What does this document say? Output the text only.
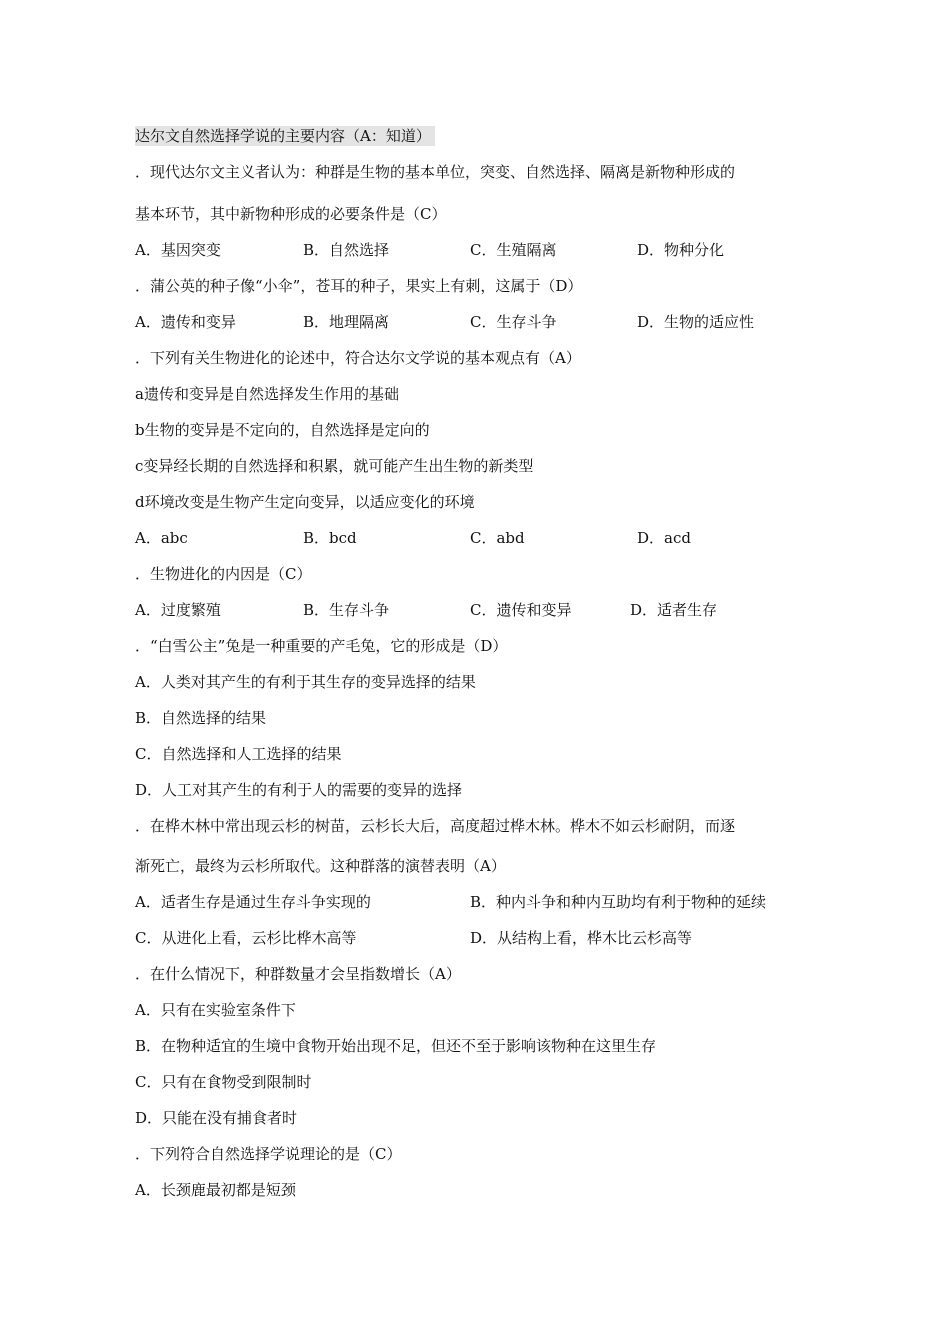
达尔文自然选择学说的主要内容（A：知道）
．现代达尔文主义者认为：种群是生物的基本单位，突变、自然选择、隔离是新物种形成的
基本环节，其中新物种形成的必要条件是（C）
A．基因突变	B．自然选择	C．生殖隔离	D．物种分化
．蒲公英的种子像“小伞”，苍耳的种子，果实上有刺，这属于（D）
A．遗传和变异	B．地理隔离	C．生存斗争	D．生物的适应性
．下列有关生物进化的论述中，符合达尔文学说的基本观点有（A）
a遗传和变异是自然选择发生作用的基础
b生物的变异是不定向的，自然选择是定向的
c变异经长期的自然选择和积累，就可能产生出生物的新类型
d环境改变是生物产生定向变异，以适应变化的环境
A．abc	B．bcd	C．abd	D．acd
．生物进化的内因是（C）
A．过度繁殖	B．生存斗争	C．遗传和变异	D．适者生存
．“白雪公主”兔是一种重要的产毛兔，它的形成是（D）
A．人类对其产生的有利于其生存的变异选择的结果
B．自然选择的结果
C．自然选择和人工选择的结果
D．人工对其产生的有利于人的需要的变异的选择
．在桦木林中常出现云杉的树苗，云杉长大后，高度超过桦木林。桦木不如云杉耐阴，而逐
渐死亡，最终为云杉所取代。这种群落的演替表明（A）
A．适者生存是通过生存斗争实现的	B．种内斗争和种内互助均有利于物种的延续
C．从进化上看，云杉比桦木高等	D．从结构上看，桦木比云杉高等
．在什么情况下，种群数量才会呈指数增长（A）
A．只有在实验室条件下
B．在物种适宜的生境中食物开始出现不足，但还不至于影响该物种在这里生存
C．只有在食物受到限制时
D．只能在没有捕食者时
．下列符合自然选择学说理论的是（C）
A．长颈鹿最初都是短颈
